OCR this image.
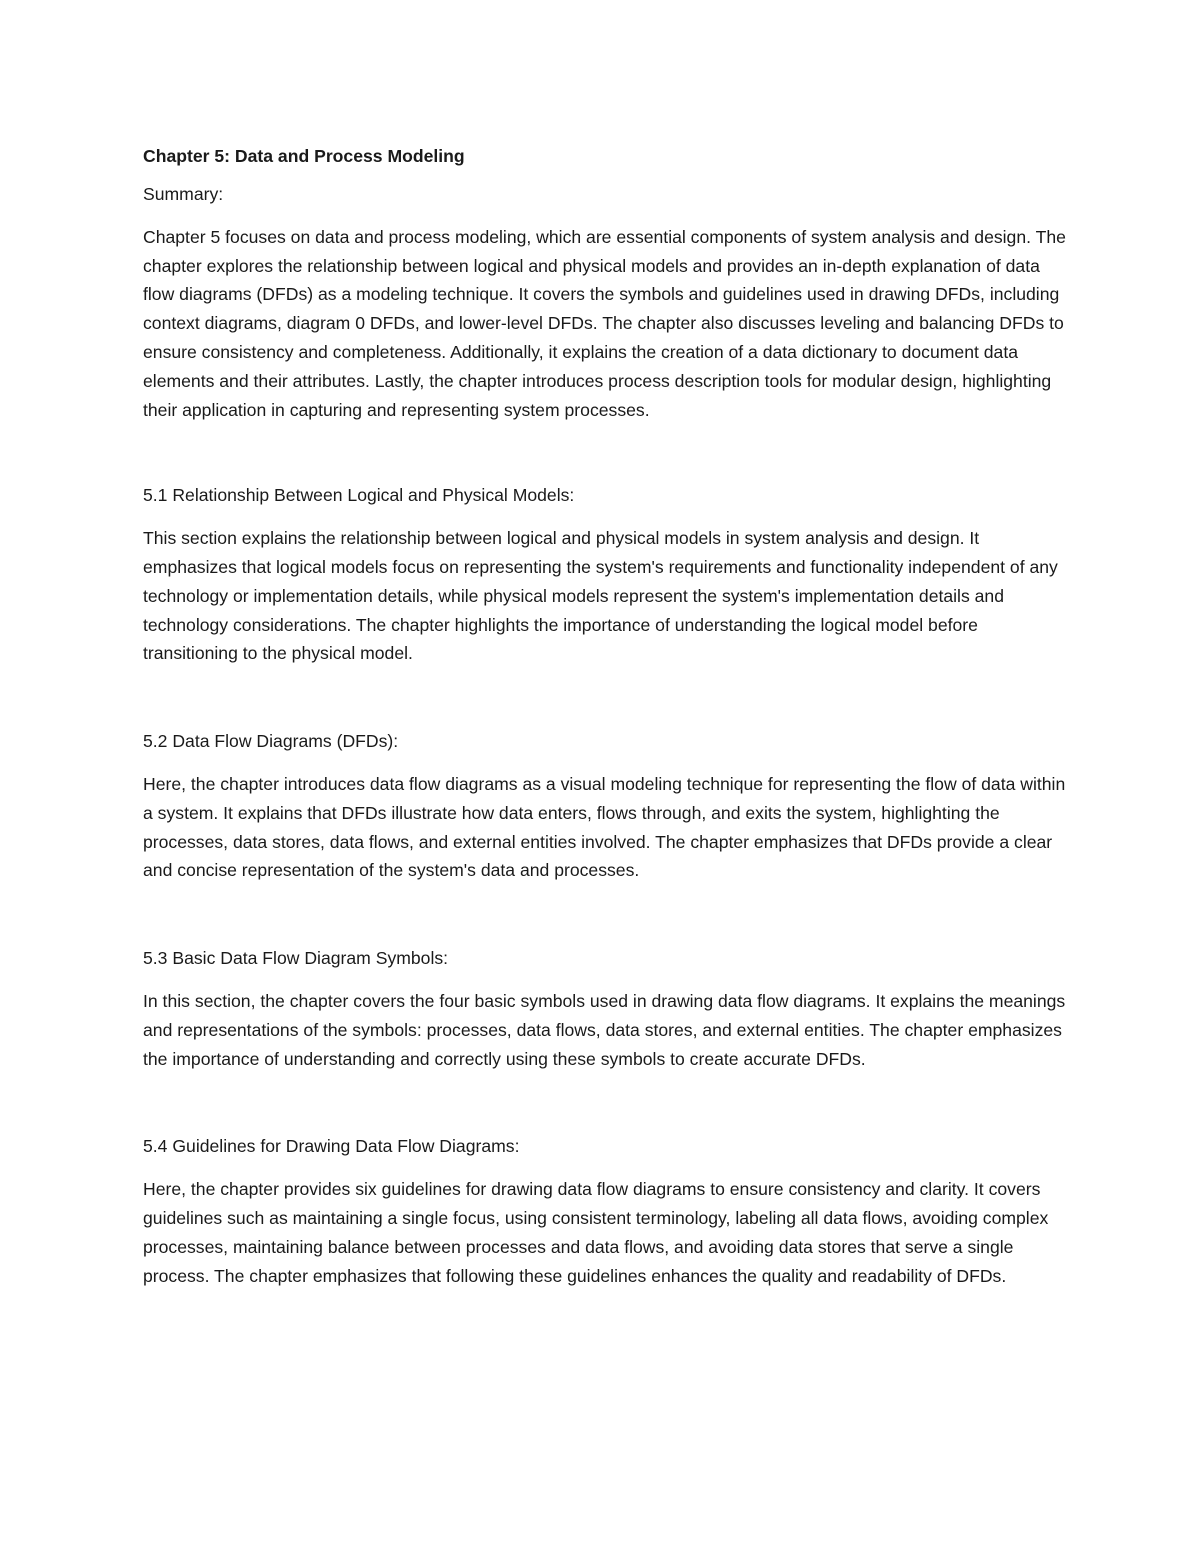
Chapter 5: Data and Process Modeling
Summary:

Chapter 5 focuses on data and process modeling, which are essential components of system analysis and design. The chapter explores the relationship between logical and physical models and provides an in-depth explanation of data flow diagrams (DFDs) as a modeling technique. It covers the symbols and guidelines used in drawing DFDs, including context diagrams, diagram 0 DFDs, and lower-level DFDs. The chapter also discusses leveling and balancing DFDs to ensure consistency and completeness. Additionally, it explains the creation of a data dictionary to document data elements and their attributes. Lastly, the chapter introduces process description tools for modular design, highlighting their application in capturing and representing system processes.

5.1 Relationship Between Logical and Physical Models:

This section explains the relationship between logical and physical models in system analysis and design. It emphasizes that logical models focus on representing the system's requirements and functionality independent of any technology or implementation details, while physical models represent the system's implementation details and technology considerations. The chapter highlights the importance of understanding the logical model before transitioning to the physical model.

5.2 Data Flow Diagrams (DFDs):

Here, the chapter introduces data flow diagrams as a visual modeling technique for representing the flow of data within a system. It explains that DFDs illustrate how data enters, flows through, and exits the system, highlighting the processes, data stores, data flows, and external entities involved. The chapter emphasizes that DFDs provide a clear and concise representation of the system's data and processes.

5.3 Basic Data Flow Diagram Symbols:

In this section, the chapter covers the four basic symbols used in drawing data flow diagrams. It explains the meanings and representations of the symbols: processes, data flows, data stores, and external entities. The chapter emphasizes the importance of understanding and correctly using these symbols to create accurate DFDs.

5.4 Guidelines for Drawing Data Flow Diagrams:

Here, the chapter provides six guidelines for drawing data flow diagrams to ensure consistency and clarity. It covers guidelines such as maintaining a single focus, using consistent terminology, labeling all data flows, avoiding complex processes, maintaining balance between processes and data flows, and avoiding data stores that serve a single process. The chapter emphasizes that following these guidelines enhances the quality and readability of DFDs.
